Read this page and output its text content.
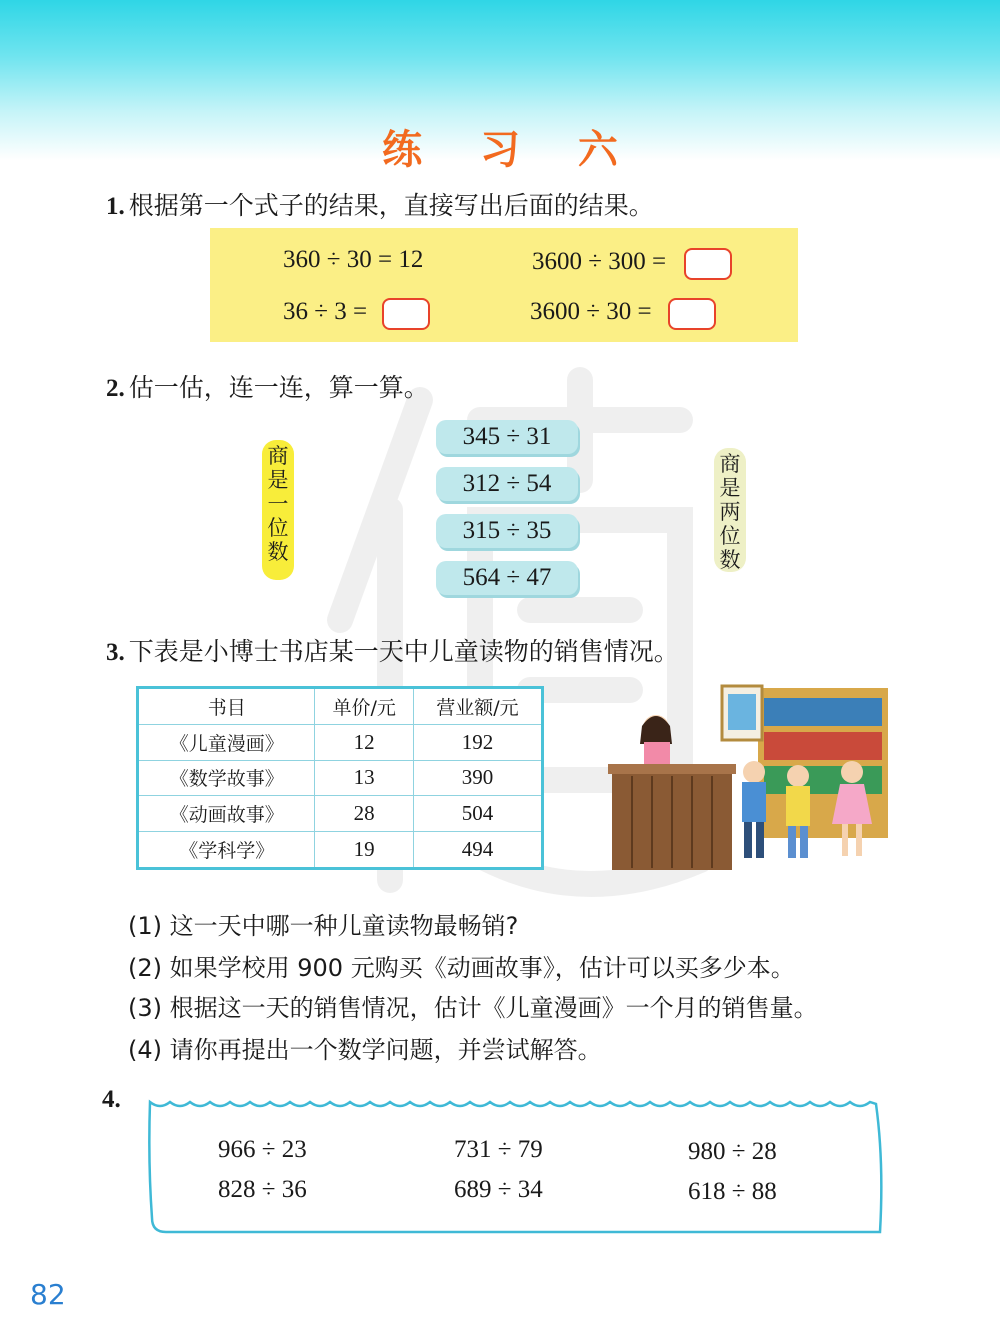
练 习 六
1. 根据第一个式子的结果，直接写出后面的结果。
360 ÷ 30 = 12	3600 ÷ 300 =
36 ÷ 3 =	3600 ÷ 30 =
2. 估一估，连一连，算一算。
商
是
一
位
数
345 ÷ 31
312 ÷ 54
315 ÷ 35
564 ÷ 47
商
是
两
位
数
3. 下表是小博士书店某一天中儿童读物的销售情况。
书目	单价/元	营业额/元
《儿童漫画》	12	192
《数学故事》	13	390
《动画故事》	28	504
《学科学》	19	494
(1) 这一天中哪一种儿童读物最畅销?
(2) 如果学校用 900 元购买《动画故事》，估计可以买多少本。
(3) 根据这一天的销售情况，估计《儿童漫画》一个月的销售量。
(4) 请你再提出一个数学问题，并尝试解答。
4.
966 ÷ 23	731 ÷ 79	980 ÷ 28
828 ÷ 36	689 ÷ 34	618 ÷ 88
82
